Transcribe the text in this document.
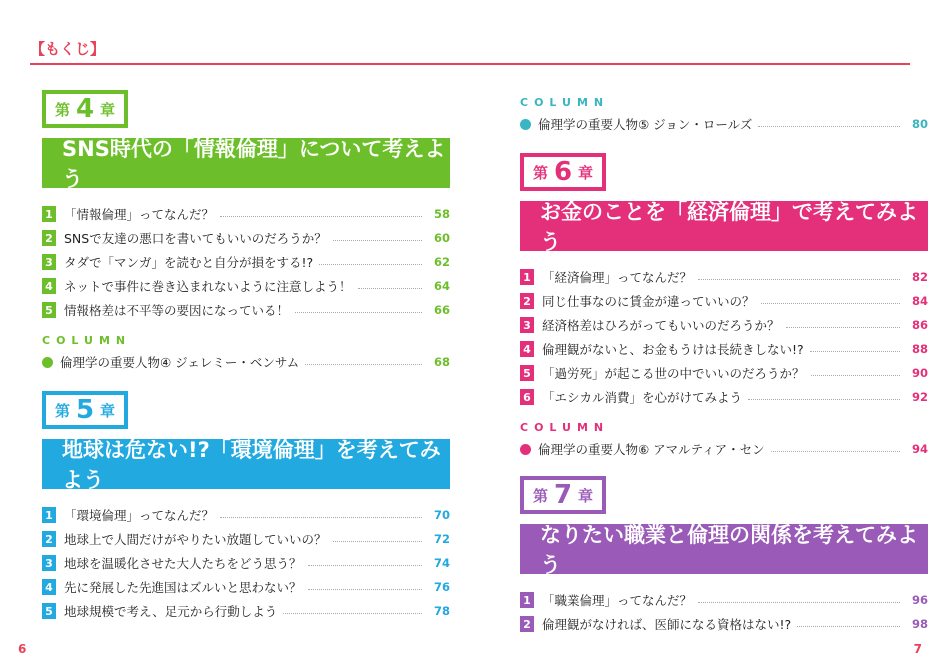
【もくじ】
第 4 章
SNS時代の「情報倫理」について考えよう
1 「情報倫理」ってなんだ？	58
2 SNSで友達の悪口を書いてもいいのだろうか？	60
3 タダで「マンガ」を読むと自分が損をする!?	62
4 ネットで事件に巻き込まれないように注意しよう！	64
5 情報格差は不平等の要因になっている！	66
COLUMN
倫理学の重要人物④ ジェレミー・ベンサム	68
第 5 章
地球は危ない!?「環境倫理」を考えてみよう
1 「環境倫理」ってなんだ？	70
2 地球上で人間だけがやりたい放題していいの？	72
3 地球を温暖化させた大人たちをどう思う？	74
4 先に発展した先進国はズルいと思わない？	76
5 地球規模で考え、足元から行動しよう	78
COLUMN
倫理学の重要人物⑤ ジョン・ロールズ	80
第 6 章
お金のことを「経済倫理」で考えてみよう
1 「経済倫理」ってなんだ？	82
2 同じ仕事なのに賃金が違っていいの？	84
3 経済格差はひろがってもいいのだろうか？	86
4 倫理観がないと、お金もうけは長続きしない!?	88
5 「過労死」が起こる世の中でいいのだろうか？	90
6 「エシカル消費」を心がけてみよう	92
COLUMN
倫理学の重要人物⑥ アマルティア・セン	94
第 7 章
なりたい職業と倫理の関係を考えてみよう
1 「職業倫理」ってなんだ？	96
2 倫理観がなければ、医師になる資格はない!?	98
6	7
